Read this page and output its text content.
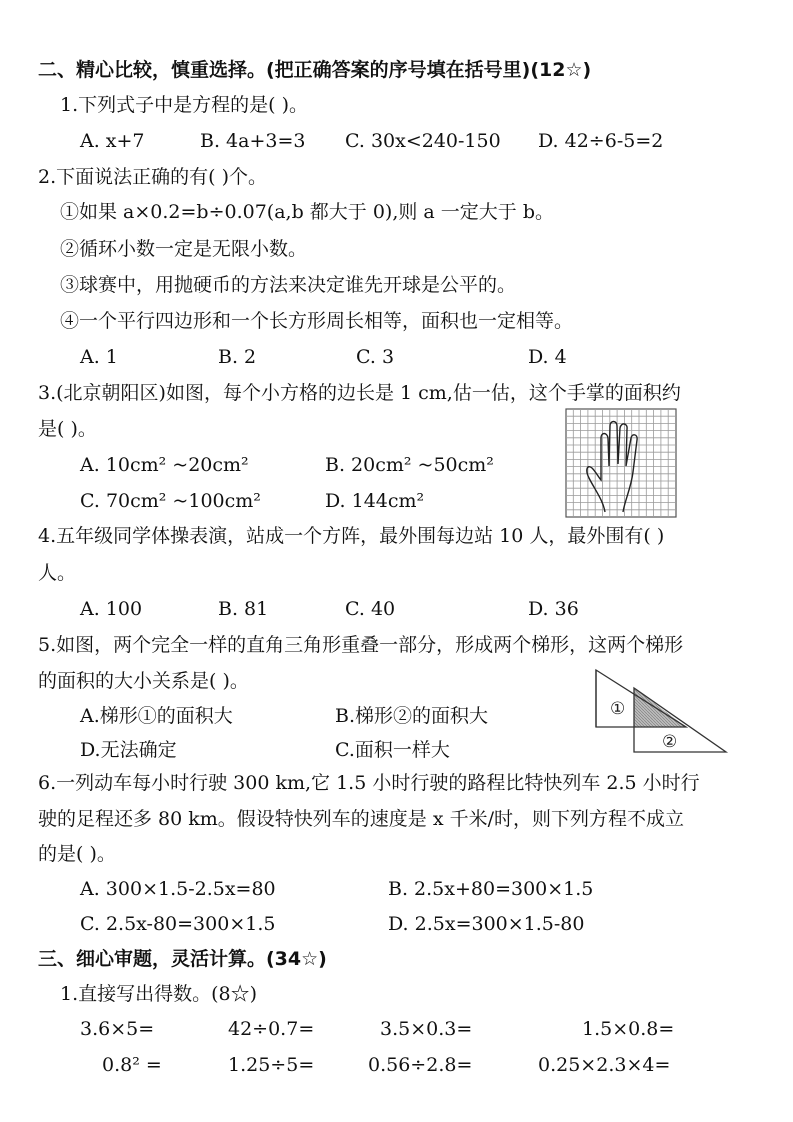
二、精心比较，慎重选择。(把正确答案的序号填在括号里)(12☆)
1.下列式子中是方程的是( )。
A. x+7	B. 4a+3=3 C. 30x<240-150 D. 42÷6-5=2
2.下面说法正确的有( )个。
①如果 a×0.2=b÷0.07(a,b 都大于 0),则 a 一定大于 b。
②循环小数一定是无限小数。
③球赛中，用抛硬币的方法来决定谁先开球是公平的。
④一个平行四边形和一个长方形周长相等，面积也一定相等。
A. 1	B. 2	C. 3	D. 4
3.(北京朝阳区)如图，每个小方格的边长是 1 cm,估一估，这个手掌的面积约
是( )。
A. 10cm² ~20cm²	B. 20cm² ~50cm²
C. 70cm² ~100cm²	D. 144cm²
4.五年级同学体操表演，站成一个方阵，最外围每边站 10 人，最外围有( )
人。
A. 100	B. 81	C. 40	D. 36
5.如图，两个完全一样的直角三角形重叠一部分，形成两个梯形，这两个梯形
的面积的大小关系是( )。
A.梯形①的面积大	B.梯形②的面积大
D.无法确定	C.面积一样大
①
②
6.一列动车每小时行驶 300 km,它 1.5 小时行驶的路程比特快列车 2.5 小时行
驶的足程还多 80 km。假设特快列车的速度是 x 千米/时，则下列方程不成立
的是( )。
A. 300×1.5-2.5x=80	B. 2.5x+80=300×1.5
C. 2.5x-80=300×1.5	D. 2.5x=300×1.5-80
三、细心审题，灵活计算。(34☆)
1.直接写出得数。(8☆)
3.6×5=	42÷0.7=	3.5×0.3=	1.5×0.8=
0.8² =	1.25÷5=	0.56÷2.8=	0.25×2.3×4=
